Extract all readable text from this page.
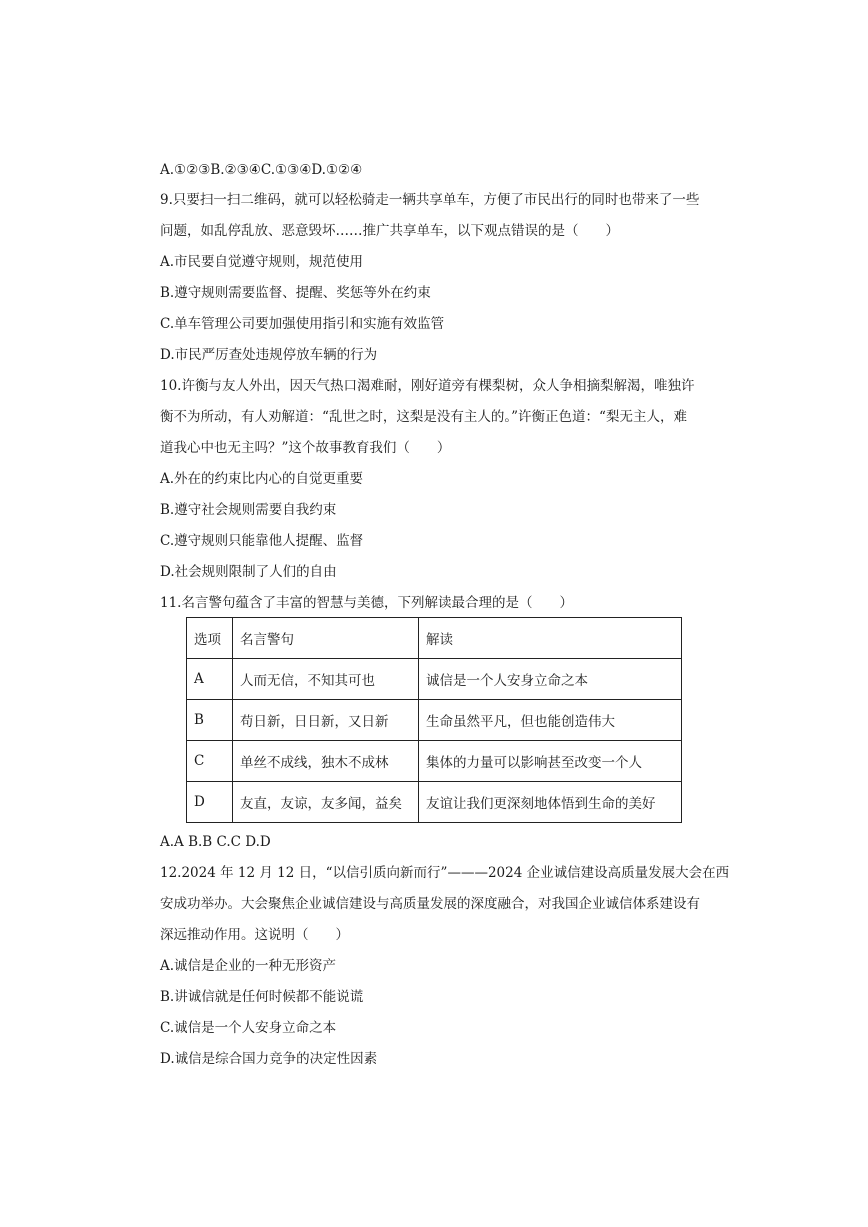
A.①②③B.②③④C.①③④D.①②④
9.只要扫一扫二维码，就可以轻松骑走一辆共享单车，方便了市民出行的同时也带来了一些
问题，如乱停乱放、恶意毁坏……推广共享单车，以下观点错误的是（　　）
A.市民要自觉遵守规则，规范使用
B.遵守规则需要监督、提醒、奖惩等外在约束
C.单车管理公司要加强使用指引和实施有效监管
D.市民严厉查处违规停放车辆的行为
10.许衡与友人外出，因天气热口渴难耐，刚好道旁有棵梨树，众人争相摘梨解渴，唯独许
衡不为所动，有人劝解道：“乱世之时，这梨是没有主人的。”许衡正色道：“梨无主人，难
道我心中也无主吗？”这个故事教育我们（　　）
A.外在的约束比内心的自觉更重要
B.遵守社会规则需要自我约束
C.遵守规则只能靠他人提醒、监督
D.社会规则限制了人们的自由
11.名言警句蕴含了丰富的智慧与美德，下列解读最合理的是（　　）
选项	名言警句	解读
A	人而无信，不知其可也	诚信是一个人安身立命之本
B	苟日新，日日新，又日新	生命虽然平凡，但也能创造伟大
C	单丝不成线，独木不成林	集体的力量可以影响甚至改变一个人
D	友直，友谅，友多闻，益矣	友谊让我们更深刻地体悟到生命的美好
A.A B.B C.C D.D
12.2024 年 12 月 12 日，“以信引质向新而行”———2024 企业诚信建设高质量发展大会在西
安成功举办。大会聚焦企业诚信建设与高质量发展的深度融合，对我国企业诚信体系建设有
深远推动作用。这说明（　　）
A.诚信是企业的一种无形资产
B.讲诚信就是任何时候都不能说谎
C.诚信是一个人安身立命之本
D.诚信是综合国力竞争的决定性因素
